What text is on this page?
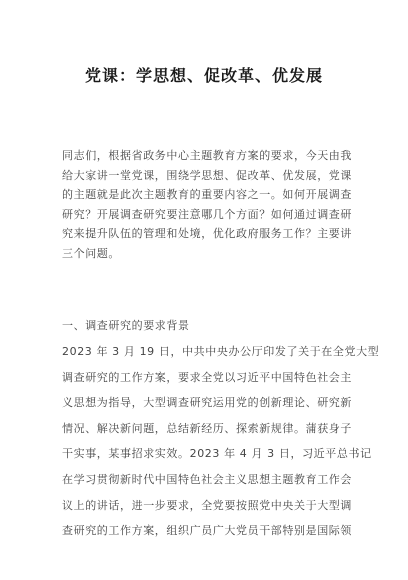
党课：学思想、促改革、优发展
同志们，根据省政务中心主题教育方案的要求，今天由我
给大家讲一堂党课，围绕学思想、促改革、优发展，党课
的主题就是此次主题教育的重要内容之一。如何开展调查
研究？开展调查研究要注意哪几个方面？如何通过调查研
究来提升队伍的管理和处境，优化政府服务工作？主要讲
三个问题。
一、调查研究的要求背景
2023 年 3 月 19 日，中共中央办公厅印发了关于在全党大型
调查研究的工作方案，要求全党以习近平中国特色社会主
义思想为指导，大型调查研究运用党的创新理论、研究新
情况、解决新问题，总结新经历、探索新规律。蒲获身子
干实事，某事招求实效。2023 年 4 月 3 日，习近平总书记
在学习贯彻新时代中国特色社会主义思想主题教育工作会
议上的讲话，进一步要求，全党要按照党中央关于大型调
查研究的工作方案，组织广员广大党员干部特别是国际领
